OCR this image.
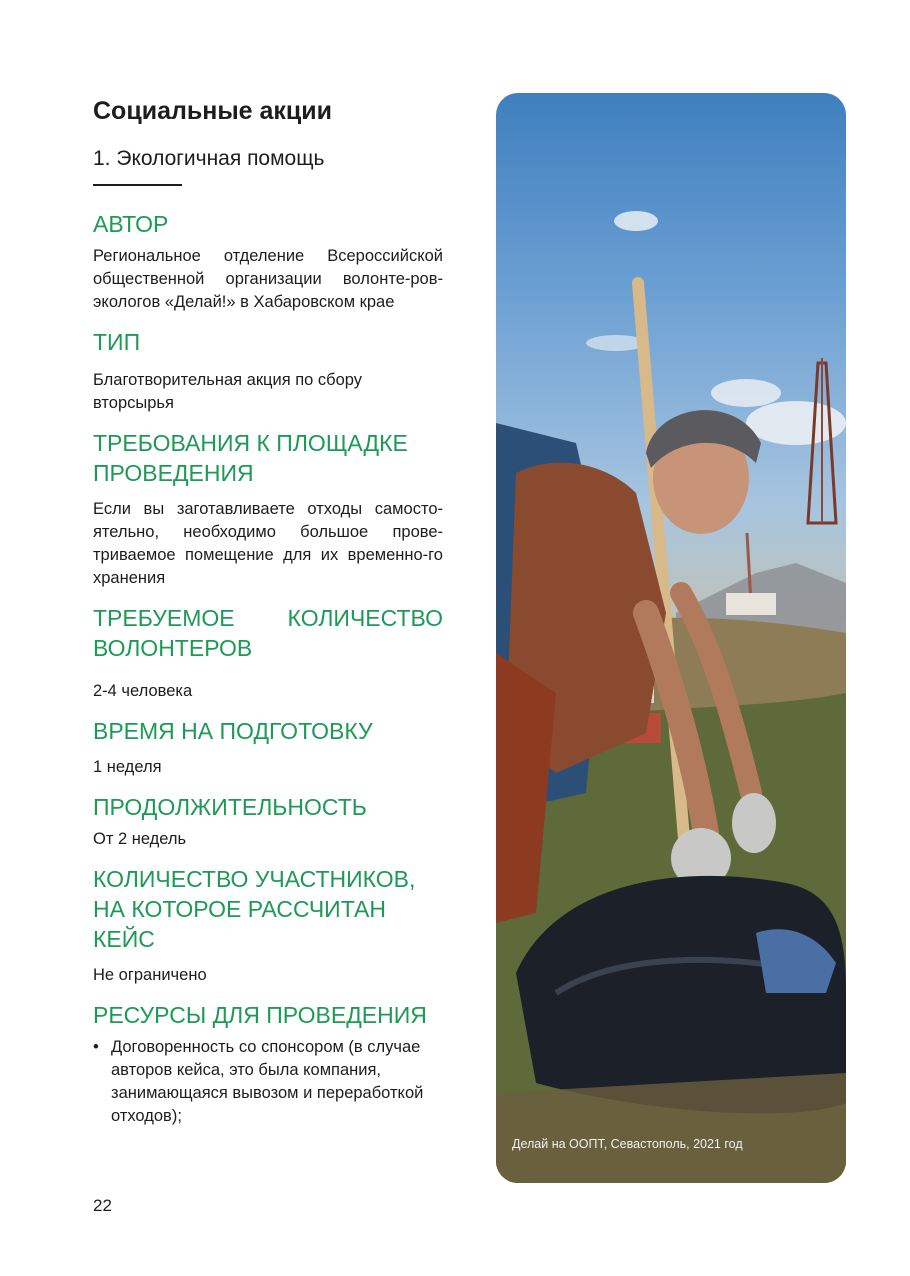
Социальные акции
1. Экологичная помощь
АВТОР

Региональное отделение Всероссийской общественной организации волонте-ров-экологов «Делай!» в Хабаровском крае

ТИП

Благотворительная акция по сбору вторсырья

ТРЕБОВАНИЯ К ПЛОЩАДКЕ
ПРОВЕДЕНИЯ

Если вы заготавливаете отходы самосто-ятельно, необходимо большое прове-триваемое помещение для их временно-го хранения

ТРЕБУЕМОЕ КОЛИЧЕСТВО
ВОЛОНТЕРОВ

2-4 человека

ВРЕМЯ НА ПОДГОТОВКУ

1 неделя

ПРОДОЛЖИТЕЛЬНОСТЬ

От 2 недель

КОЛИЧЕСТВО УЧАСТНИКОВ,
НА КОТОРОЕ РАССЧИТАН
КЕЙС

Не ограничено

РЕСУРСЫ ДЛЯ ПРОВЕДЕНИЯ
• Договоренность со спонсором (в случае авторов кейса, это была компания, занимающаяся вывозом и переработкой отходов);
22
Делай на ООПТ, Севастополь, 2021 год
